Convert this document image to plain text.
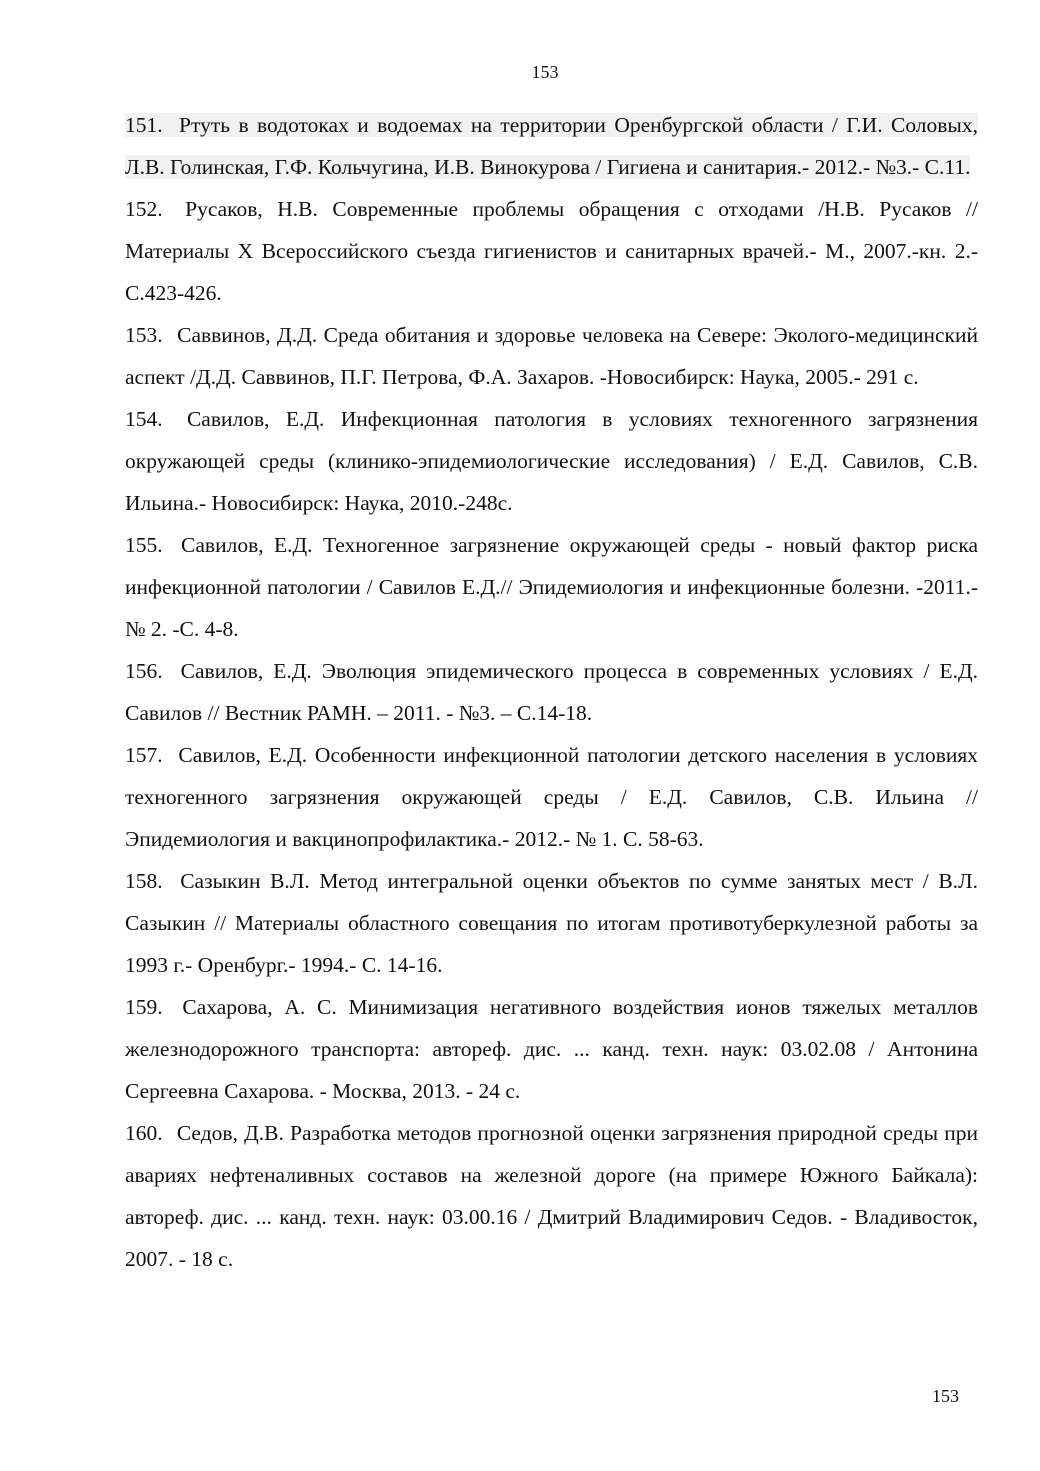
153
151. Ртуть в водотоках и водоемах на территории Оренбургской области / Г.И. Соловых, Л.В. Голинская, Г.Ф. Кольчугина, И.В. Винокурова / Гигиена и санитария.- 2012.- №3.- С.11.
152. Русаков, Н.В. Современные проблемы обращения с отходами /Н.В. Русаков // Материалы X Всероссийского съезда гигиенистов и санитарных врачей.- М., 2007.-кн. 2.- С.423-426.
153. Саввинов, Д.Д. Среда обитания и здоровье человека на Севере: Эколого-медицинский аспект /Д.Д. Саввинов, П.Г. Петрова, Ф.А. Захаров. -Новосибирск: Наука, 2005.- 291 с.
154. Савилов, Е.Д. Инфекционная патология в условиях техногенного загрязнения окружающей среды (клинико-эпидемиологические исследования) / Е.Д. Савилов, С.В. Ильина.- Новосибирск: Наука, 2010.-248с.
155. Савилов, Е.Д. Техногенное загрязнение окружающей среды - новый фактор риска инфекционной патологии / Савилов Е.Д.// Эпидемиология и инфекционные болезни. -2011.- № 2. -С. 4-8.
156. Савилов, Е.Д. Эволюция эпидемического процесса в современных условиях / Е.Д. Савилов // Вестник РАМН. – 2011. - №3. – С.14-18.
157. Савилов, Е.Д. Особенности инфекционной патологии детского населения в условиях техногенного загрязнения окружающей среды / Е.Д. Савилов, С.В. Ильина // Эпидемиология и вакцинопрофилактика.- 2012.- № 1. С. 58-63.
158. Сазыкин В.Л. Метод интегральной оценки объектов по сумме занятых мест / В.Л. Сазыкин // Материалы областного совещания по итогам противотуберкулезной работы за 1993 г.- Оренбург.- 1994.- С. 14-16.
159. Сахарова, А. С. Минимизация негативного воздействия ионов тяжелых металлов железнодорожного транспорта: автореф. дис. ... канд. техн. наук: 03.02.08 / Антонина Сергеевна Сахарова. - Москва, 2013. - 24 с.
160. Седов, Д.В. Разработка методов прогнозной оценки загрязнения природной среды при авариях нефтеналивных составов на железной дороге (на примере Южного Байкала): автореф. дис. ... канд. техн. наук: 03.00.16 / Дмитрий Владимирович Седов. - Владивосток, 2007. - 18 с.
153
